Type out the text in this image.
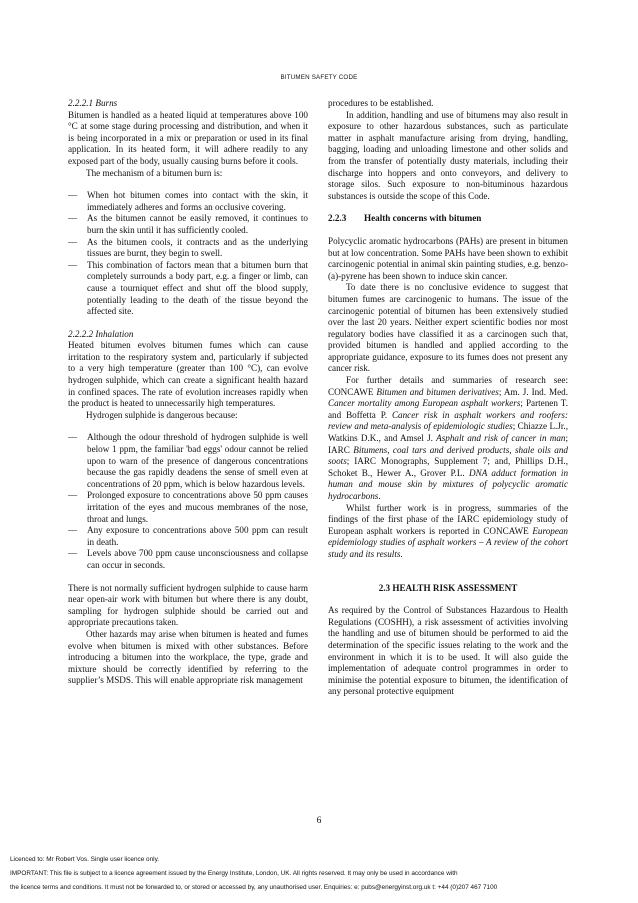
BITUMEN SAFETY CODE

2.2.2.1 Burns

Bitumen is handled as a heated liquid at temperatures above 100 °C at some stage during processing and distribution, and when it is being incorporated in a mix or preparation or used in its final application. In its heated form, it will adhere readily to any exposed part of the body, usually causing burns before it cools.

The mechanism of a bitumen burn is:

— When hot bitumen comes into contact with the skin, it immediately adheres and forms an occlusive covering.

— As the bitumen cannot be easily removed, it continues to burn the skin until it has sufficiently cooled.

— As the bitumen cools, it contracts and as the underlying tissues are burnt, they begin to swell.

— This combination of factors mean that a bitumen burn that completely surrounds a body part, e.g. a finger or limb, can cause a tourniquet effect and shut off the blood supply, potentially leading to the death of the tissue beyond the affected site.

2.2.2.2 Inhalation

Heated bitumen evolves bitumen fumes which can cause irritation to the respiratory system and, particularly if subjected to a very high temperature (greater than 100 °C), can evolve hydrogen sulphide, which can create a significant health hazard in confined spaces. The rate of evolution increases rapidly when the product is heated to unnecessarily high temperatures.

Hydrogen sulphide is dangerous because:

— Although the odour threshold of hydrogen sulphide is well below 1 ppm, the familiar 'bad eggs' odour cannot be relied upon to warn of the presence of dangerous concentrations because the gas rapidly deadens the sense of smell even at concentrations of 20 ppm, which is below hazardous levels.

— Prolonged exposure to concentrations above 50 ppm causes irritation of the eyes and mucous membranes of the nose, throat and lungs.

— Any exposure to concentrations above 500 ppm can result in death.

— Levels above 700 ppm cause unconsciousness and collapse can occur in seconds.

There is not normally sufficient hydrogen sulphide to cause harm near open-air work with bitumen but where there is any doubt, sampling for hydrogen sulphide should be carried out and appropriate precautions taken.

Other hazards may arise when bitumen is heated and fumes evolve when bitumen is mixed with other substances. Before introducing a bitumen into the workplace, the type, grade and mixture should be correctly identified by referring to the supplier’s MSDS. This will enable appropriate risk management

procedures to be established.

In addition, handling and use of bitumens may also result in exposure to other hazardous substances, such as particulate matter in asphalt manufacture arising from drying, handling, bagging, loading and unloading limestone and other solids and from the transfer of potentially dusty materials, including their discharge into hoppers and onto conveyors, and delivery to storage silos. Such exposure to non-bituminous hazardous substances is outside the scope of this Code.

2.2.3 Health concerns with bitumen

Polycyclic aromatic hydrocarbons (PAHs) are present in bitumen but at low concentration. Some PAHs have been shown to exhibit carcinogenic potential in animal skin painting studies, e.g. benzo-(a)-pyrene has been shown to induce skin cancer.

To date there is no conclusive evidence to suggest that bitumen fumes are carcinogenic to humans. The issue of the carcinogenic potential of bitumen has been extensively studied over the last 20 years. Neither expert scientific bodies nor most regulatory bodies have classified it as a carcinogen such that, provided bitumen is handled and applied according to the appropriate guidance, exposure to its fumes does not present any cancer risk.

For further details and summaries of research see: CONCAWE Bitumen and bitumen derivatives; Am. J. Ind. Med. Cancer mortality among European asphalt workers; Partenen T. and Boffetta P. Cancer risk in asphalt workers and roofers: review and meta-analysis of epidemiologic studies; Chiazze L.Jr., Watkins D.K., and Amsel J. Asphalt and risk of cancer in man; IARC Bitumens, coal tars and derived products, shale oils and soots; IARC Monographs, Supplement 7; and, Phillips D.H., Schoket B., Hewer A., Grover P.L. DNA adduct formation in human and mouse skin by mixtures of polycyclic aromatic hydrocarbons.

Whilst further work is in progress, summaries of the findings of the first phase of the IARC epidemiology study of European asphalt workers is reported in CONCAWE European epidemiology studies of asphalt workers – A review of the cohort study and its results.

2.3 HEALTH RISK ASSESSMENT

As required by the Control of Substances Hazardous to Health Regulations (COSHH), a risk assessment of activities involving the handling and use of bitumen should be performed to aid the determination of the specific issues relating to the work and the environment in which it is to be used. It will also guide the implementation of adequate control programmes in order to minimise the potential exposure to bitumen, the identification of any personal protective equipment

6
Licenced to: Mr Robert Vos. Single user licence only.
IMPORTANT: This file is subject to a licence agreement issued by the Energy Institute, London, UK. All rights reserved. It may only be used in accordance with
the licence terms and conditions. It must not be forwarded to, or stored or accessed by, any unauthorised user. Enquiries: e: pubs@energyinst.org.uk t: +44 (0)207 467 7100
